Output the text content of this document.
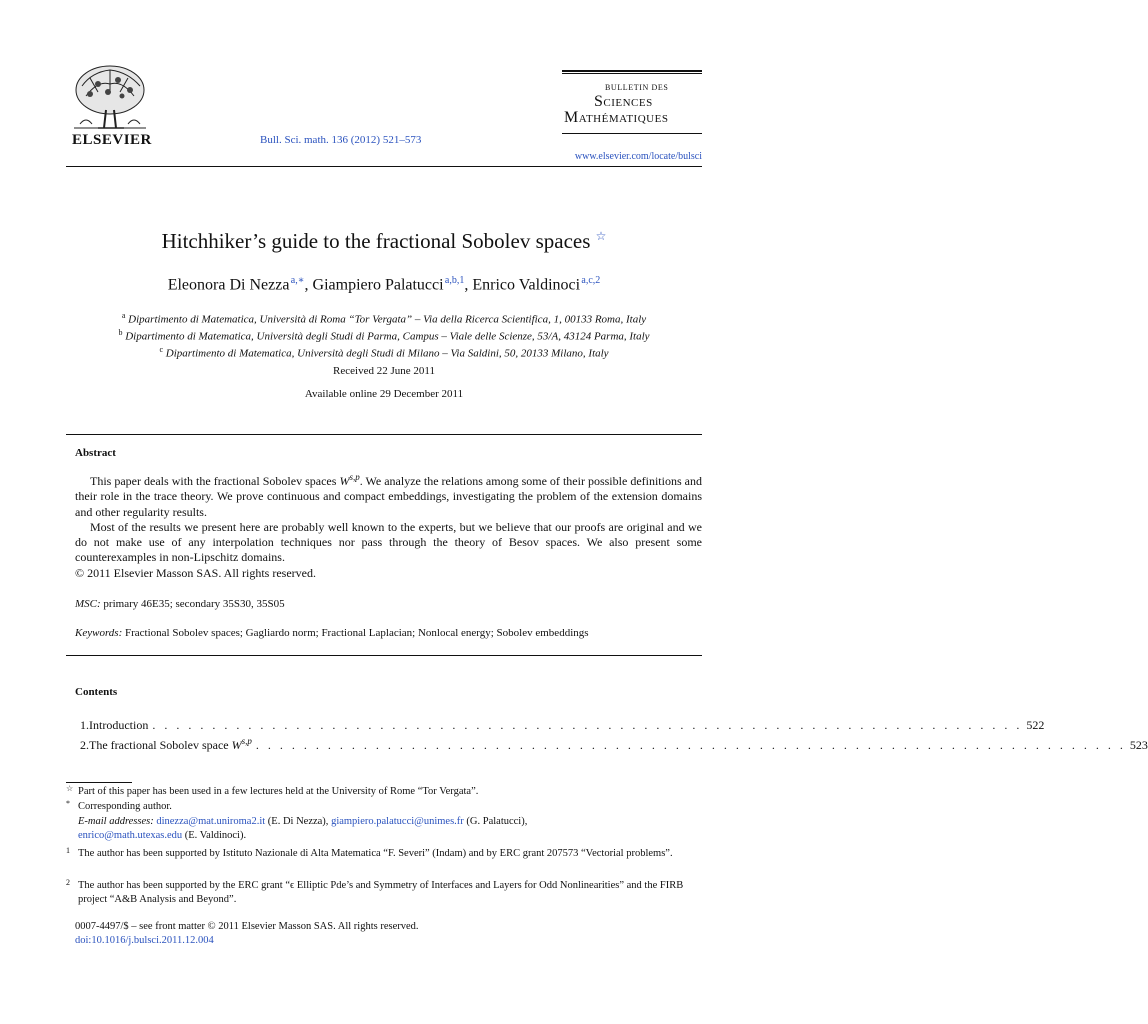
ELSEVIER	Bull. Sci. math. 136 (2012) 521–573
BULLETIN DES
Sciences
Mathématiques
www.elsevier.com/locate/bulsci
Hitchhiker’s guide to the fractional Sobolev spaces ☆
Eleonora Di Nezza $^{a,∗}$, Giampiero Palatucci $^{a,b,1}$, Enrico Valdinoci $^{a,c,2}$
$^a$ Dipartimento di Matematica, Università di Roma “Tor Vergata” – Via della Ricerca Scientifica, 1, 00133 Roma, Italy
$^b$ Dipartimento di Matematica, Università degli Studi di Parma, Campus – Viale delle Scienze, 53/A, 43124 Parma, Italy
$^c$ Dipartimento di Matematica, Università degli Studi di Milano – Via Saldini, 50, 20133 Milano, Italy
Received 22 June 2011
Available online 29 December 2011
Abstract

This paper deals with the fractional Sobolev spaces W$^{s,p}$. We analyze the relations among some of their possible definitions and their role in the trace theory. We prove continuous and compact embeddings, investigating the problem of the extension domains and other regularity results.

Most of the results we present here are probably well known to the experts, but we believe that our proofs are original and we do not make use of any interpolation techniques nor pass through the theory of Besov spaces. We also present some counterexamples in non-Lipschitz domains.

© 2011 Elsevier Masson SAS. All rights reserved.

MSC: primary 46E35; secondary 35S30, 35S05
Keywords: Fractional Sobolev spaces; Gagliardo norm; Fractional Laplacian; Nonlocal energy; Sobolev embeddings
Contents
1. Introduction . . . . . . . . . . . . . . . . . . . . . . . . . . . . . . . . . . . . . . . . . . . . . . . . . . . . . . . . . . . . . . . . . . . . . . . . . 522
2. The fractional Sobolev space W$^{s,p}$ . . . . . . . . . . . . . . . . . . . . . . . . . . . . . . . . . . . . . . . . . . . . . . . . . . . . . . . . . . . . . . . . . . . . . . . . . 523
☆ Part of this paper has been used in a few lectures held at the University of Rome “Tor Vergata”.
* Corresponding author.
E-mail addresses: dinezza@mat.uniroma2.it (E. Di Nezza), giampiero.palatucci@unimes.fr (G. Palatucci),
enrico@math.utexas.edu (E. Valdinoci).
1 The author has been supported by Istituto Nazionale di Alta Matematica “F. Severi” (Indam) and by ERC grant 207573 “Vectorial problems”.
2 The author has been supported by the ERC grant “ϵ Elliptic Pde’s and Symmetry of Interfaces and Layers for Odd Nonlinearities” and the FIRB project “A&B Analysis and Beyond”.
0007-4497/$ – see front matter © 2011 Elsevier Masson SAS. All rights reserved.
doi:10.1016/j.bulsci.2011.12.004
